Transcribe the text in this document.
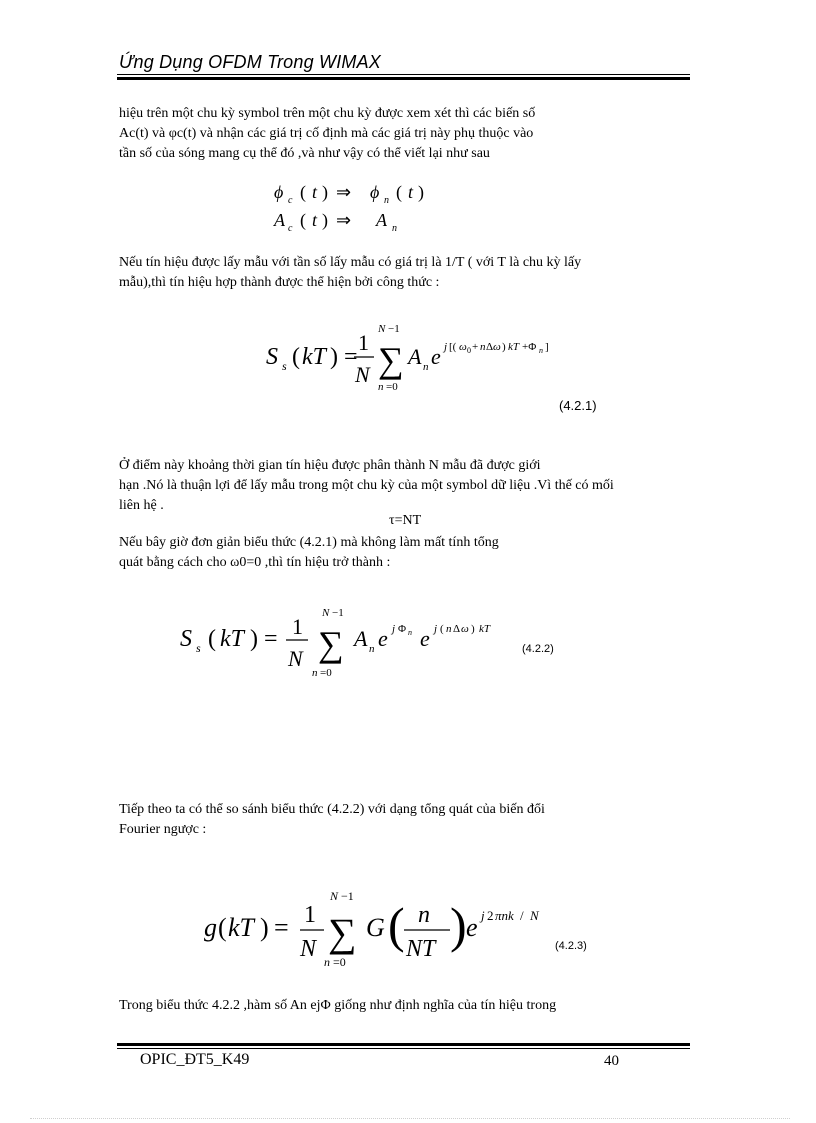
Ứng Dụng OFDM Trong WIMAX
hiệu trên một chu kỳ symbol trên một chu kỳ được xem xét thì các biến số
Ac(t) và φc(t) và nhận các giá trị cố định mà các giá trị này phụ thuộc vào
tần số của sóng mang cụ thể đó ,và như vậy có thể viết lại như sau
ϕ c ( t ) ⇒ ϕ n ( t )
A c ( t ) ⇒ A n
Nếu tín hiệu được lấy mẫu với tần số lấy mẫu có giá trị là 1/T ( với T là chu kỳ lấy
mẫu),thì tín hiệu hợp thành được thể hiện bởi công thức :
S s ( kT ) =
1
N ∑
N −1
n =0
A n e j [( ω 0 + n Δ ω ) kT +Φ n ]
(4.2.1)
Ở điểm này khoảng thời gian tín hiệu được phân thành N mẫu đã được giới
hạn .Nó là thuận lợi để lấy mẫu trong một chu kỳ của một symbol dữ liệu .Vì thế có mối
liên hệ .
τ=NT
Nếu bây giờ đơn giản biểu thức (4.2.1) mà không làm mất tính tổng
quát bằng cách cho ω0=0 ,thì tín hiệu trở thành :
S s ( kT ) = 1
N ∑
N −1
n =0
A n e j Φ n e j ( n Δ ω ) kT
(4.2.2)
Tiếp theo ta có thể so sánh biểu thức (4.2.2) với dạng tổng quát của biến đổi
Fourier ngược :
g ( kT ) = 1
N ∑
N −1
n =0
G ( n
NT ) e j 2 πnk / N
(4.2.3)
Trong biểu thức 4.2.2 ,hàm số An ejΦ giống như định nghĩa của tín hiệu trong
OPIC_ĐT5_K49	40
